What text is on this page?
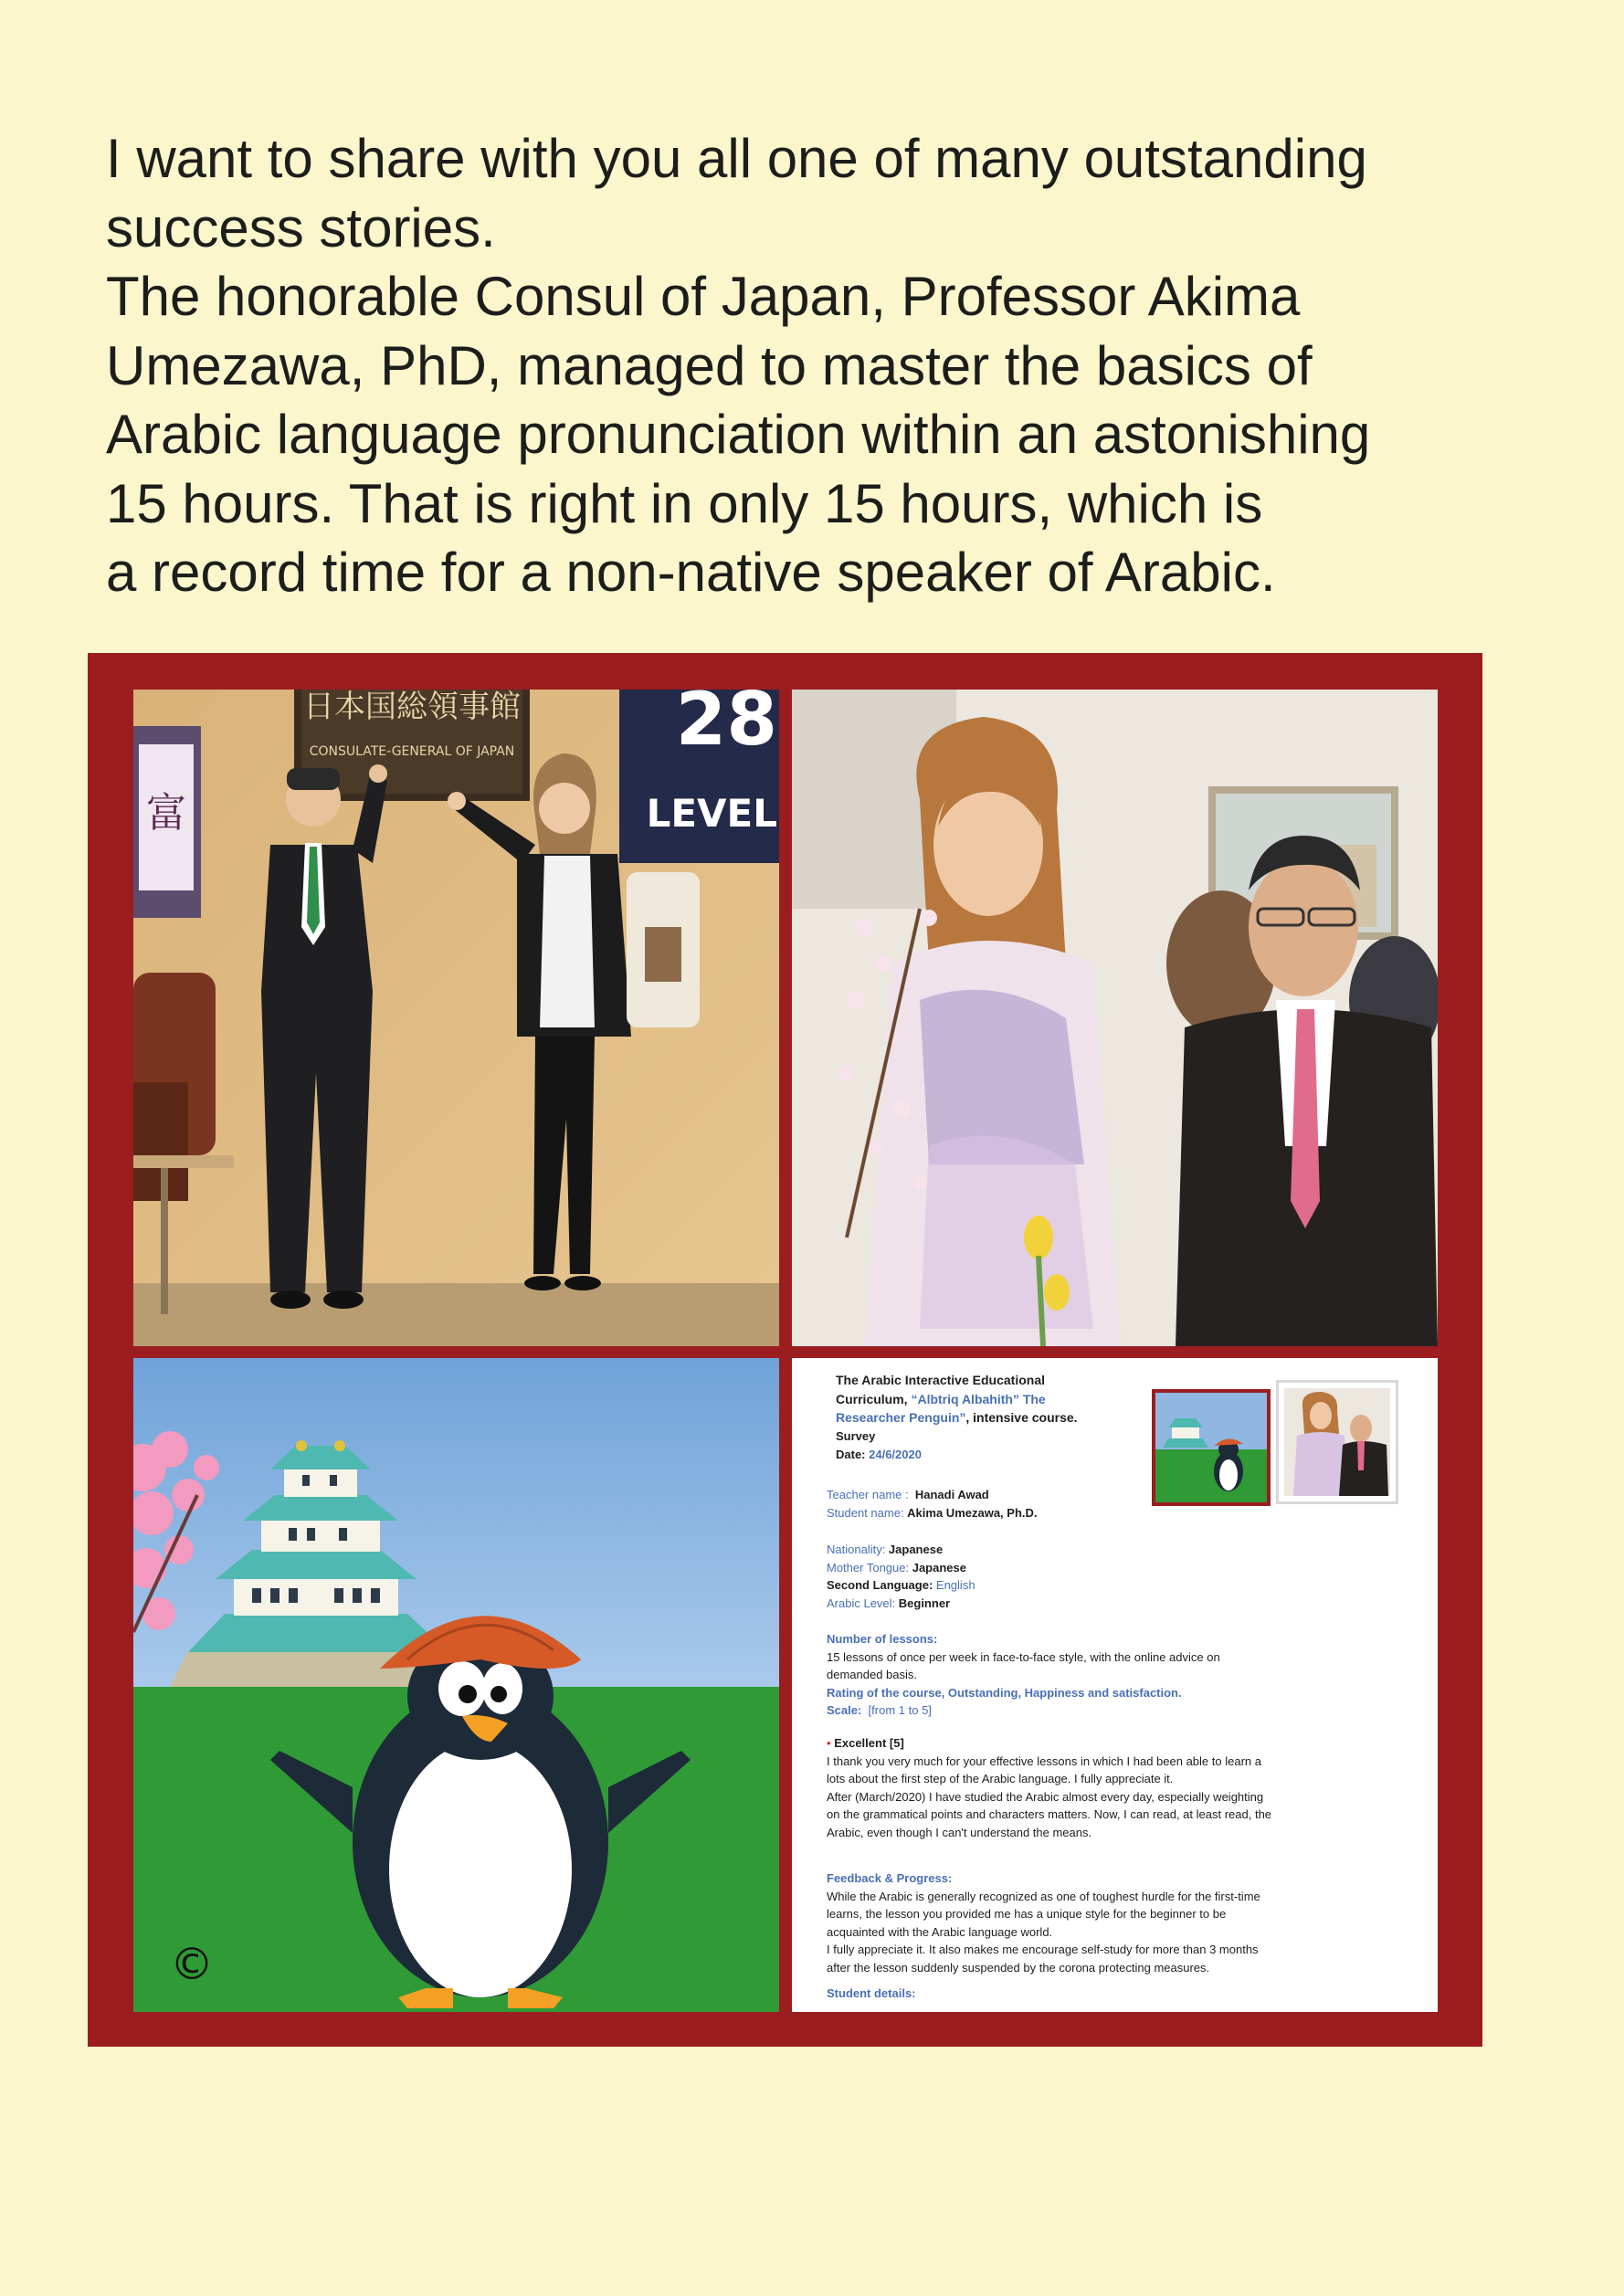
I want to share with you all one of many outstanding
success stories.
The honorable Consul of Japan, Professor Akima
Umezawa, PhD, managed to master the basics of
Arabic language pronunciation within an astonishing
15 hours. That is right in only 15 hours, which is
a record time for a non-native speaker of Arabic.

富
日本国総領事館
CONSULATE-GENERAL OF JAPAN 28
LEVEL
©
The Arabic Interactive Educational
Curriculum, “Albtriq Albahith” The
Researcher Penguin”, intensive course.
Survey
Date: 24/6/2020
Teacher name : Hanadi Awad
Student name: Akima Umezawa, Ph.D.
Nationality: Japanese
Mother Tongue: Japanese
Second Language: English
Arabic Level: Beginner
Number of lessons:
15 lessons of once per week in face-to-face style, with the online advice on
demanded basis.
Rating of the course, Outstanding, Happiness and satisfaction.
Scale: [from 1 to 5]
• Excellent [5]
I thank you very much for your effective lessons in which I had been able to learn a
lots about the first step of the Arabic language. I fully appreciate it.
After (March/2020) I have studied the Arabic almost every day, especially weighting
on the grammatical points and characters matters. Now, I can read, at least read, the
Arabic, even though I can't understand the means.
Feedback & Progress:
While the Arabic is generally recognized as one of toughest hurdle for the first-time
learns, the lesson you provided me has a unique style for the beginner to be
acquainted with the Arabic language world.
I fully appreciate it. It also makes me encourage self-study for more than 3 months
after the lesson suddenly suspended by the corona protecting measures.
Student details:
